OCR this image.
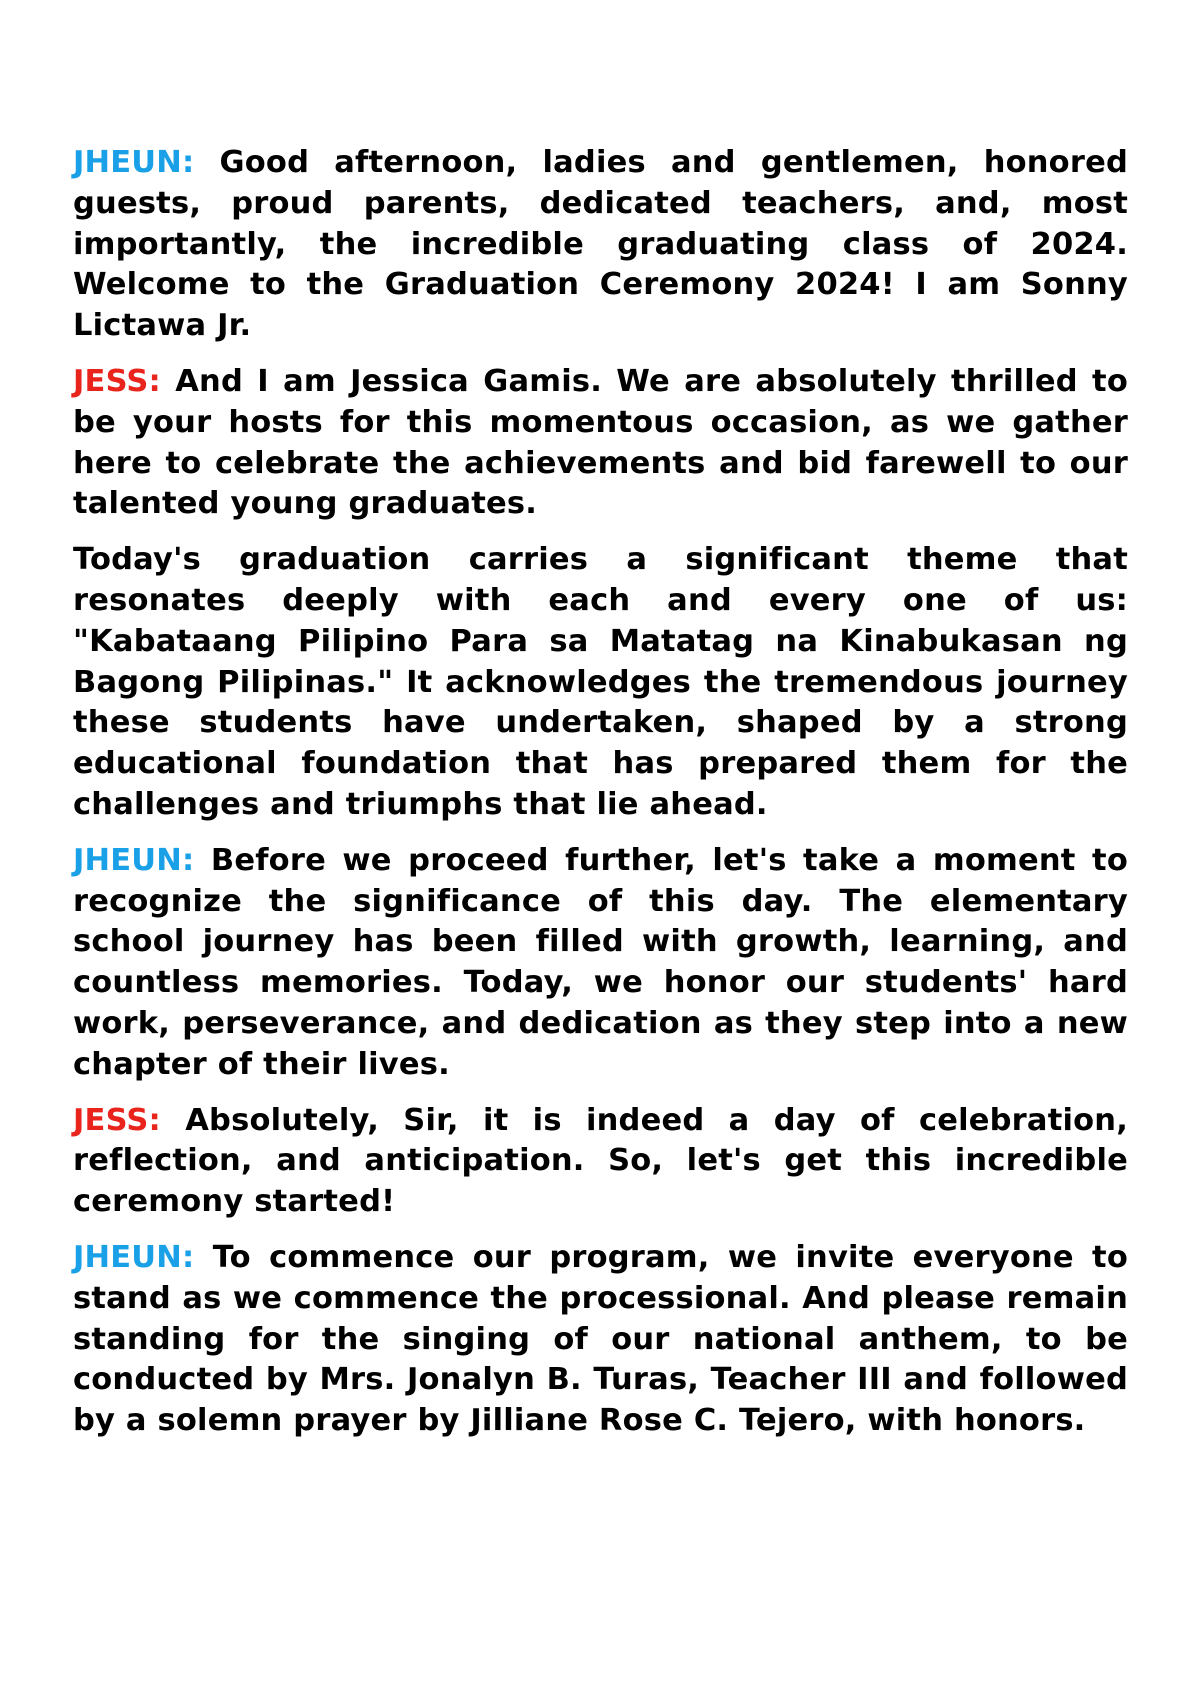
JHEUN: Good afternoon, ladies and gentlemen, honored guests, proud parents, dedicated teachers, and, most importantly, the incredible graduating class of 2024. Welcome to the Graduation Ceremony 2024! I am Sonny Lictawa Jr.

JESS: And I am Jessica Gamis. We are absolutely thrilled to be your hosts for this momentous occasion, as we gather here to celebrate the achievements and bid farewell to our talented young graduates.

Today's graduation carries a significant theme that resonates deeply with each and every one of us: "Kabataang Pilipino Para sa Matatag na Kinabukasan ng Bagong Pilipinas." It acknowledges the tremendous journey these students have undertaken, shaped by a strong educational foundation that has prepared them for the challenges and triumphs that lie ahead.

JHEUN: Before we proceed further, let's take a moment to recognize the significance of this day. The elementary school journey has been filled with growth, learning, and countless memories. Today, we honor our students' hard work, perseverance, and dedication as they step into a new chapter of their lives.

JESS: Absolutely, Sir, it is indeed a day of celebration, reflection, and anticipation. So, let's get this incredible ceremony started!

JHEUN: To commence our program, we invite everyone to stand as we commence the processional. And please remain standing for the singing of our national anthem, to be conducted by Mrs. Jonalyn B. Turas, Teacher III and followed by a solemn prayer by Jilliane Rose C. Tejero, with honors.
